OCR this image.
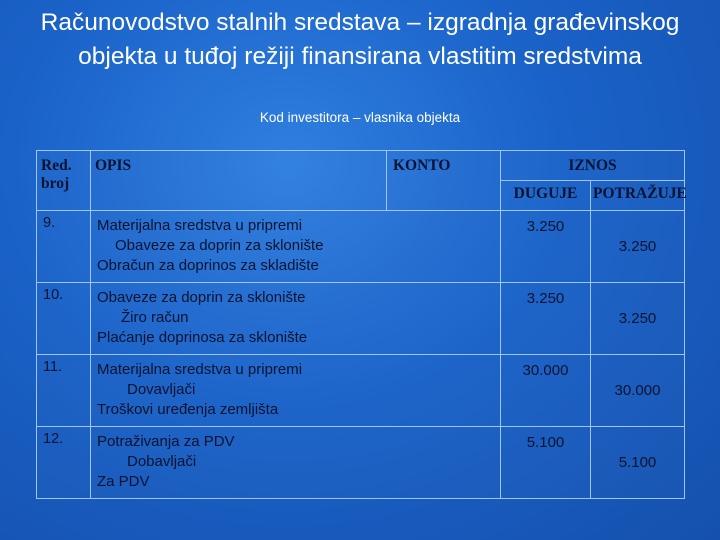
Računovodstvo stalnih sredstava – izgradnja građevinskog objekta u tuđoj režiji finansirana vlastitim sredstvima
Kod investitora – vlasnika objekta
Red.
broj	OPIS	KONTO	IZNOS	
			DUGUJE	POTRAŽUJE
9.	Materijalna sredstva u pripremi
Obaveze za doprin za sklonište
Obračun za doprinos za skladište		3.250	3.250
10.	Obaveze za doprin za sklonište
Žiro račun
Plaćanje doprinosa za sklonište		3.250	3.250
11.	Materijalna sredstva u pripremi
Dovavljači
Troškovi uređenja zemljišta		30.000	30.000
12.	Potraživanja za PDV
Dobavljači
Za PDV		5.100	5.100
